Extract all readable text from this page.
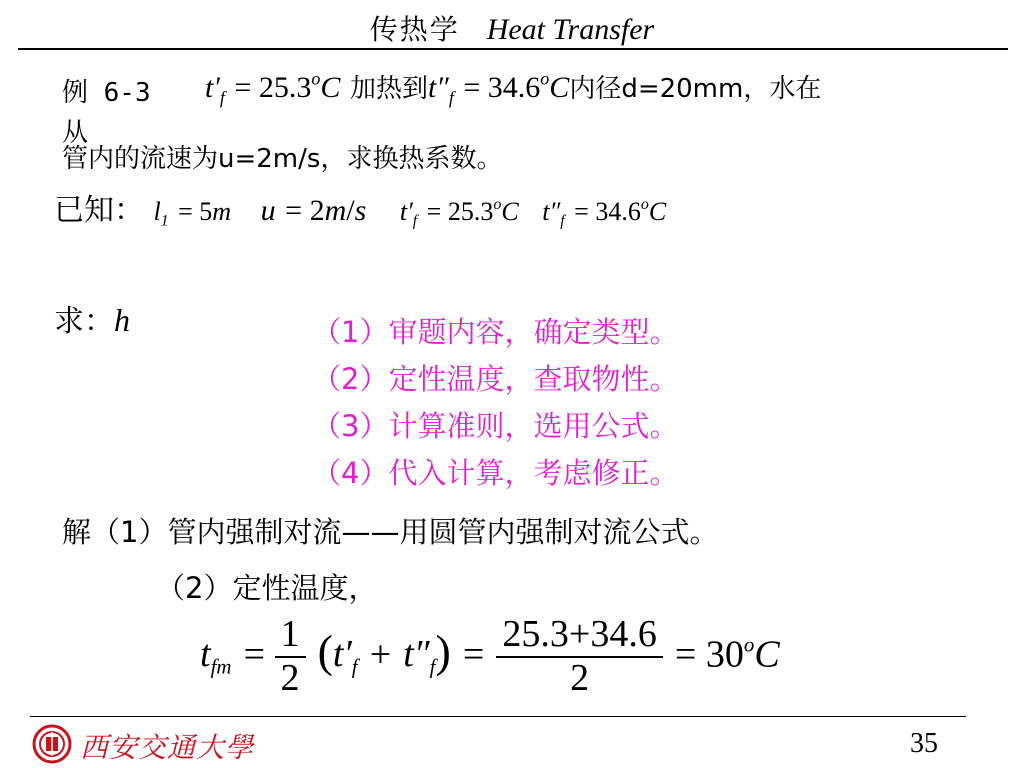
传热学 Heat Transfer
例 6-3 $t'_f = 25.3^oC$ 加热到$t''_f = 34.6^oC$内径d=20mm，水在
从
管内的流速为u=2m/s，求换热系数。
已知： $l_1 = 5m$ u = 2m/s $t'_f = 25.3^oC$ $t''_f = 34.6^oC$
求：h	（1）审题内容，确定类型。
（2）定性温度，查取物性。
（3）计算准则，选用公式。
（4）代入计算，考虑修正。
解（1）管内强制对流——用圆管内强制对流公式。
（2）定性温度，
$t_{fm} = \frac{1}{2} (t'_f + t''_f) = \frac{25.3+34.6}{2} = 30^oC$
西安交通大學	35
